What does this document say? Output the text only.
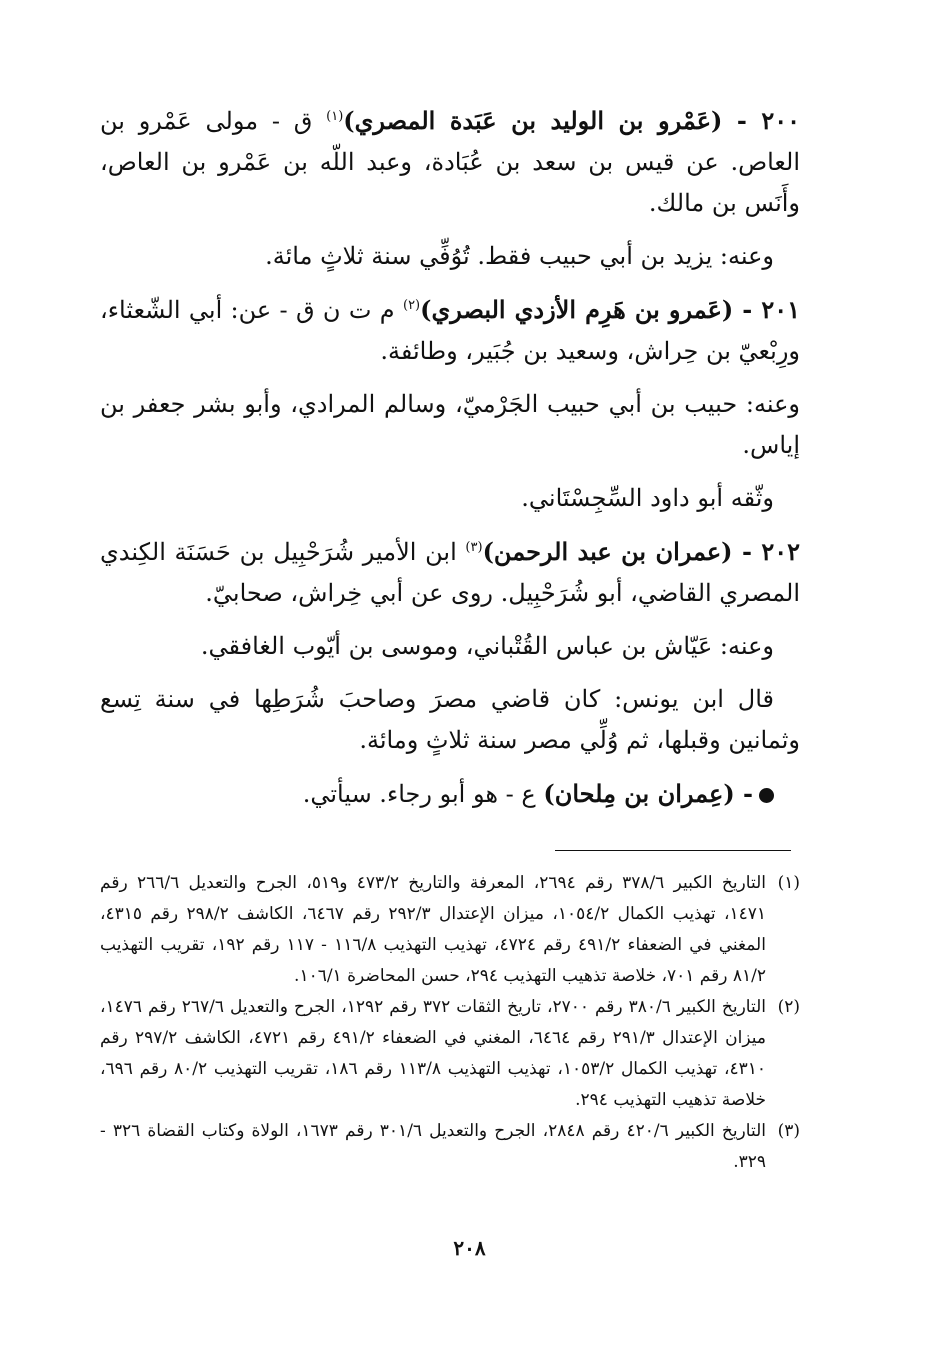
٢٠٠ - (عَمْرو بن الوليد بن عَبَدة المصري)$^{(١)}$ ق - مولى عَمْرو بن العاص. عن قيس بن سعد بن عُبَادة، وعبد اللّه بن عَمْرو بن العاص، وأَنَس بن مالك.

وعنه: يزيد بن أبي حبيب فقط. تُوُفِّي سنة ثلاثٍ مائة.

٢٠١ - (عَمرو بن هَرِم الأزدي البصري)$^{(٢)}$ م ت ن ق - عن: أبي الشّعثاء، ورِبْعيّ بن حِراش، وسعيد بن جُبَير، وطائفة.

وعنه: حبيب بن أبي حبيب الجَرْميّ، وسالم المرادي، وأبو بشر جعفر بن إياس.

وثّقه أبو داود السِّجِسْتَاني.

٢٠٢ - (عمران بن عبد الرحمن)$^{(٣)}$ ابن الأمير شُرَحْبِيل بن حَسَنَة الكِندي المصري القاضي، أبو شُرَحْبِيل. روى عن أبي خِراش، صحابيّ.

وعنه: عَيّاش بن عباس القُتْباني، وموسى بن أيّوب الغافقي.

قال ابن يونس: كان قاضي مصرَ وصاحبَ شُرَطِها في سنة تِسع وثمانين وقبلها، ثم وُلِّي مصر سنة ثلاثٍ ومائة.

- (عِمران بن مِلحان) ع - هو أبو رجاء. سيأتي.

(١)
التاريخ الكبير ٣٧٨/٦ رقم ٢٦٩٤، المعرفة والتاريخ ٤٧٣/٢ و٥١٩، الجرح والتعديل ٢٦٦/٦ رقم ١٤٧١، تهذيب الكمال ١٠٥٤/٢، ميزان الإعتدال ٢٩٢/٣ رقم ٦٤٦٧، الكاشف ٢٩٨/٢ رقم ٤٣١٥، المغني في الضعفاء ٤٩١/٢ رقم ٤٧٢٤، تهذيب التهذيب ١١٦/٨ - ١١٧ رقم ١٩٢، تقريب التهذيب ٨١/٢ رقم ٧٠١، خلاصة تذهيب التهذيب ٢٩٤، حسن المحاضرة ١٠٦/١.
(٢)
التاريخ الكبير ٣٨٠/٦ رقم ٢٧٠٠، تاريخ الثقات ٣٧٢ رقم ١٢٩٢، الجرح والتعديل ٢٦٧/٦ رقم ١٤٧٦، ميزان الإعتدال ٢٩١/٣ رقم ٦٤٦٤، المغني في الضعفاء ٤٩١/٢ رقم ٤٧٢١، الكاشف ٢٩٧/٢ رقم ٤٣١٠، تهذيب الكمال ١٠٥٣/٢، تهذيب التهذيب ١١٣/٨ رقم ١٨٦، تقريب التهذيب ٨٠/٢ رقم ٦٩٦، خلاصة تذهيب التهذيب ٢٩٤.
(٣)
التاريخ الكبير ٤٢٠/٦ رقم ٢٨٤٨، الجرح والتعديل ٣٠١/٦ رقم ١٦٧٣، الولاة وكتاب القضاة ٣٢٦ - ٣٢٩.
٢٠٨
